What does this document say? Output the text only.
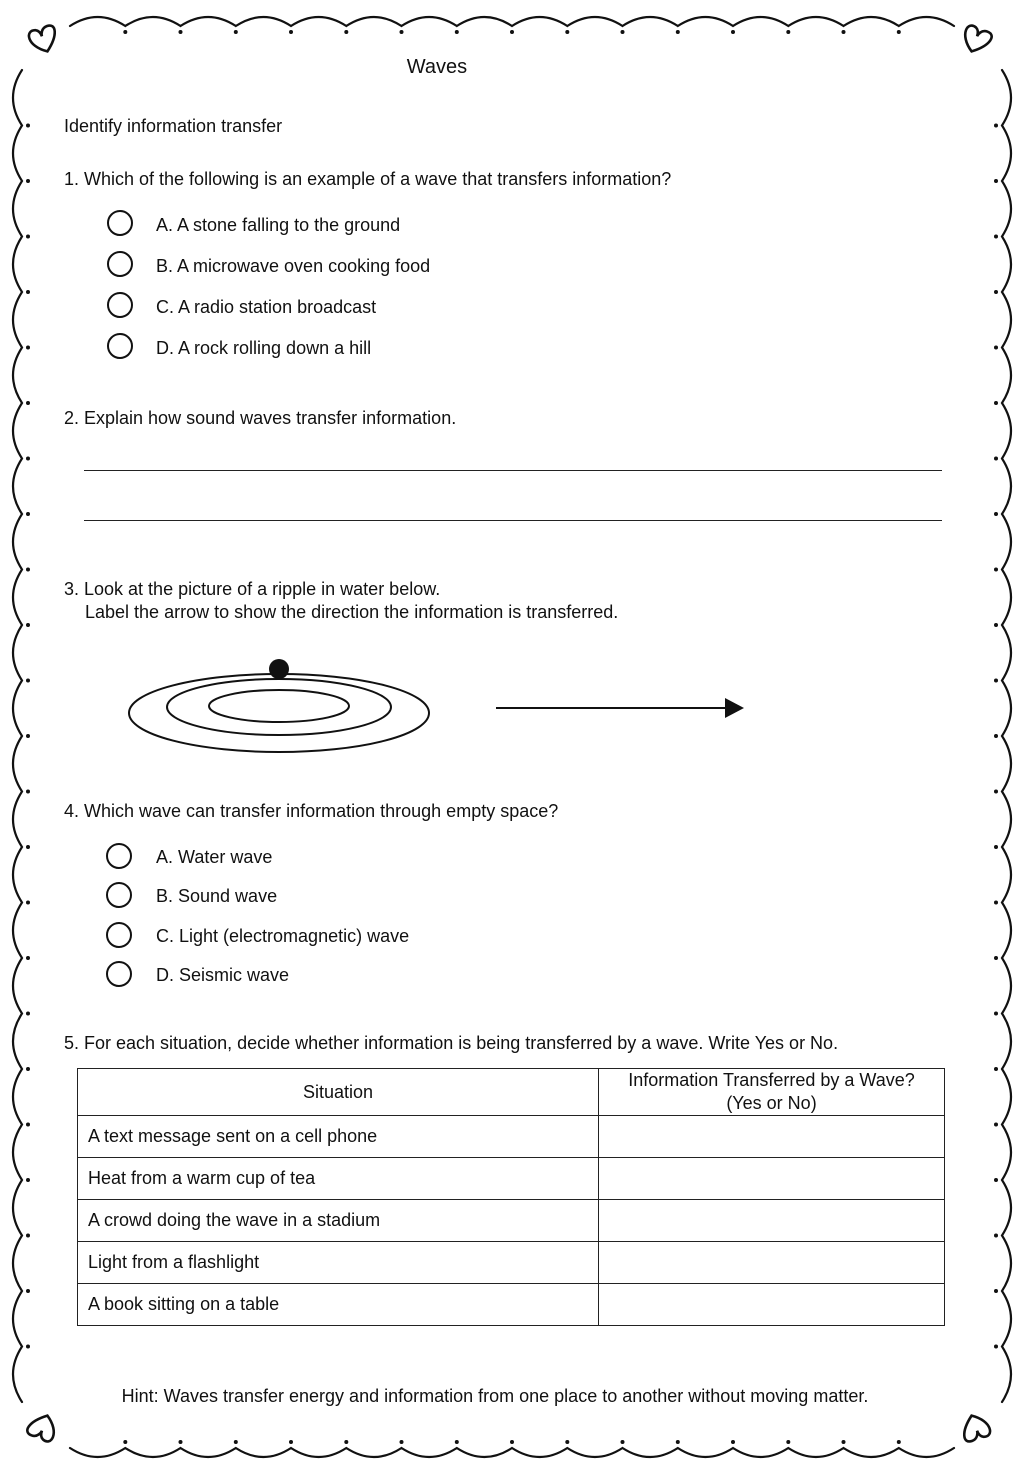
Waves
Identify information transfer
1. Which of the following is an example of a wave that transfers information?
A. A stone falling to the ground
B. A microwave oven cooking food
C. A radio station broadcast
D. A rock rolling down a hill
2. Explain how sound waves transfer information.
3. Look at the picture of a ripple in water below.
Label the arrow to show the direction the information is transferred.
4. Which wave can transfer information through empty space?
A. Water wave
B. Sound wave
C. Light (electromagnetic) wave
D. Seismic wave
5. For each situation, decide whether information is being transferred by a wave. Write Yes or No.
Situation	Information Transferred by a Wave?
(Yes or No)

A text message sent on a cell phone	
Heat from a warm cup of tea	
A crowd doing the wave in a stadium	
Light from a flashlight	
A book sitting on a table	
Hint: Waves transfer energy and information from one place to another without moving matter.
